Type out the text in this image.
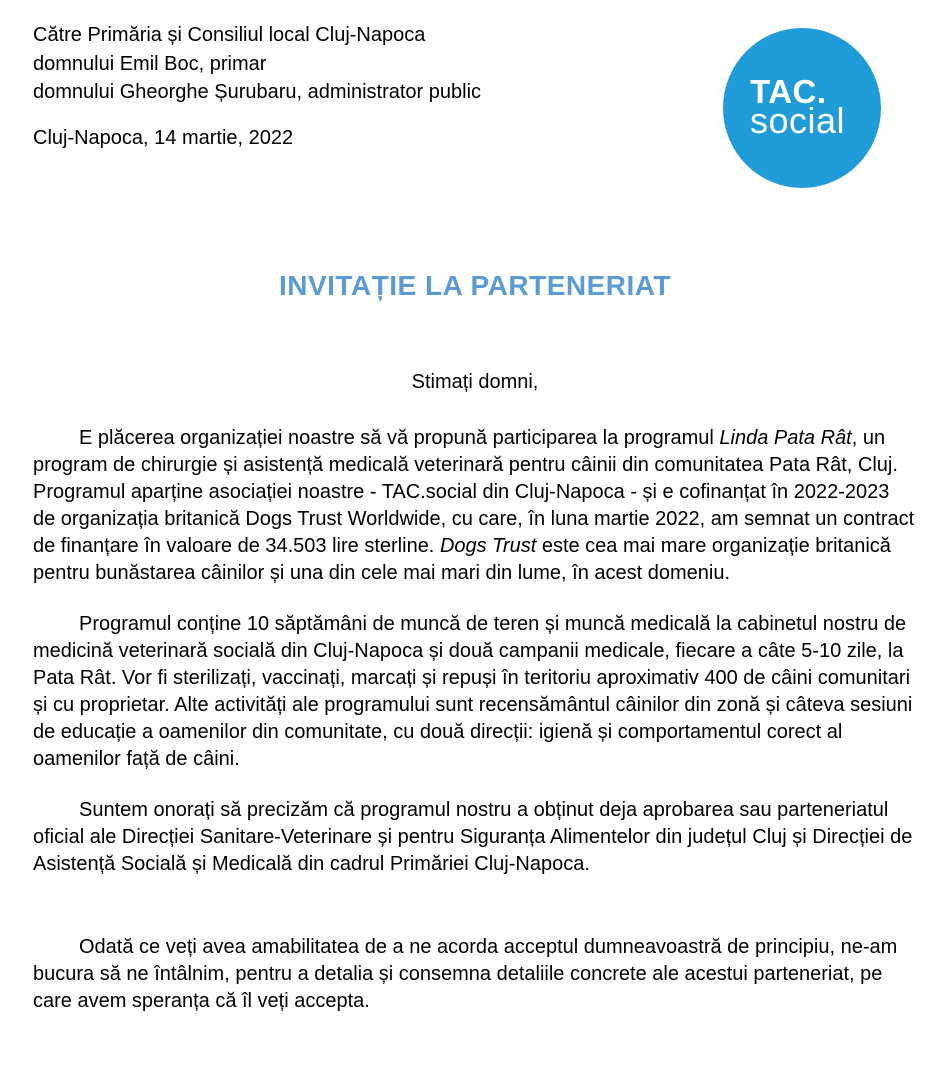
TAC.
social
Către Primăria și Consiliul local Cluj-Napoca
domnului Emil Boc, primar
domnului Gheorghe Șurubaru, administrator public
Cluj-Napoca, 14 martie, 2022
INVITAȚIE LA PARTENERIAT
Stimați domni,

E plăcerea organizației noastre să vă propună participarea la programul Linda Pata Rât, un program de chirurgie și asistență medicală veterinară pentru câinii din comunitatea Pata Rât, Cluj. Programul aparține asociației noastre - TAC.social din Cluj-Napoca - și e cofinanțat în 2022-2023 de organizația britanică Dogs Trust Worldwide, cu care, în luna martie 2022, am semnat un contract de finanțare în valoare de 34.503 lire sterline. Dogs Trust este cea mai mare organizație britanică pentru bunăstarea câinilor și una din cele mai mari din lume, în acest domeniu.

Programul conține 10 săptămâni de muncă de teren și muncă medicală la cabinetul nostru de medicină veterinară socială din Cluj-Napoca și două campanii medicale, fiecare a câte 5-10 zile, la Pata Rât. Vor fi sterilizați, vaccinați, marcați și repuși în teritoriu aproximativ 400 de câini comunitari și cu proprietar. Alte activități ale programului sunt recensământul câinilor din zonă și câteva sesiuni de educație a oamenilor din comunitate, cu două direcții: igienă și comportamentul corect al oamenilor față de câini.

Suntem onorați să precizăm că programul nostru a obținut deja aprobarea sau parteneriatul oficial ale Direcției Sanitare-Veterinare și pentru Siguranța Alimentelor din județul Cluj și Direcției de Asistență Socială și Medicală din cadrul Primăriei Cluj-Napoca.

Odată ce veți avea amabilitatea de a ne acorda acceptul dumneavoastră de principiu, ne-am bucura să ne întâlnim, pentru a detalia și consemna detaliile concrete ale acestui parteneriat, pe care avem speranța că îl veți accepta.
